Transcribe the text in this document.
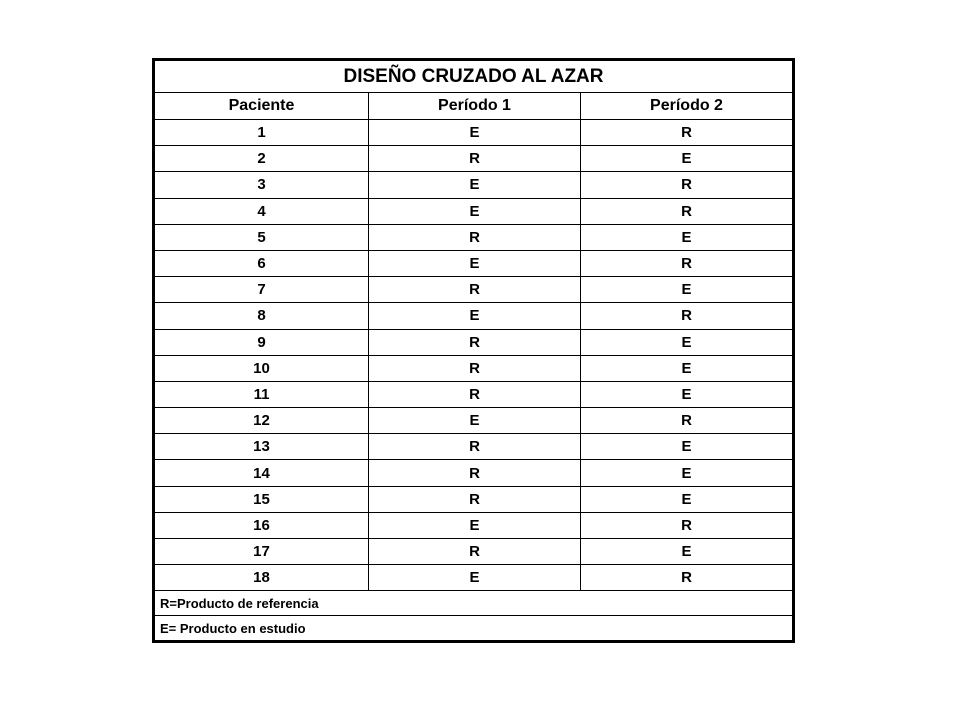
DISEÑO CRUZADO AL AZAR		
Paciente	Período 1	Período 2
1	E	R
2	R	E
3	E	R
4	E	R
5	R	E
6	E	R
7	R	E
8	E	R
9	R	E
10	R	E
11	R	E
12	E	R
13	R	E
14	R	E
15	R	E
16	E	R
17	R	E
18	E	R
R=Producto de referencia		
E= Producto en estudio		
